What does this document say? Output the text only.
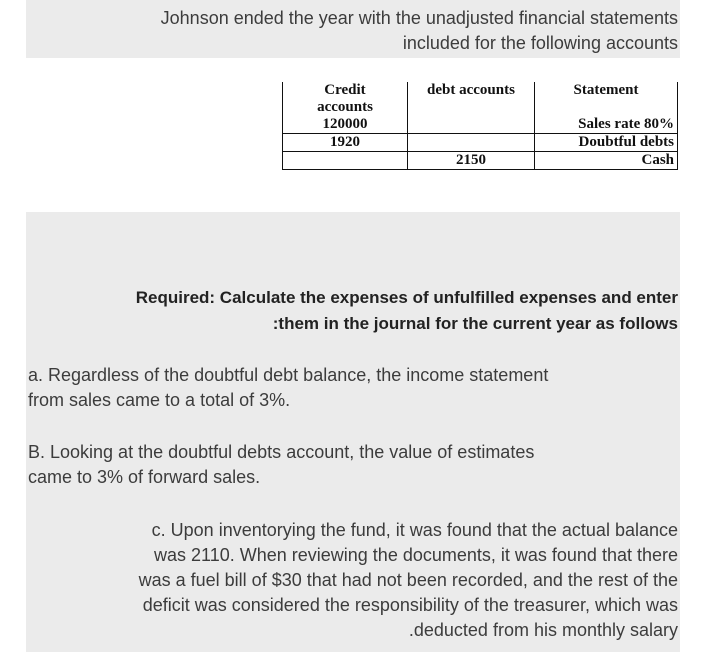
Johnson ended the year with the unadjusted financial statements
included for the following accounts
Credit
accounts	debt accounts	Statement
120000		Sales rate 80%
1920		Doubtful debts
	2150	Cash
Required: Calculate the expenses of unfulfilled expenses and enter
:them in the journal for the current year as follows
a. Regardless of the doubtful debt balance, the income statement
from sales came to a total of 3%.
B. Looking at the doubtful debts account, the value of estimates
came to 3% of forward sales.
c. Upon inventorying the fund, it was found that the actual balance
was 2110. When reviewing the documents, it was found that there
was a fuel bill of $30 that had not been recorded, and the rest of the
deficit was considered the responsibility of the treasurer, which was
.deducted from his monthly salary
